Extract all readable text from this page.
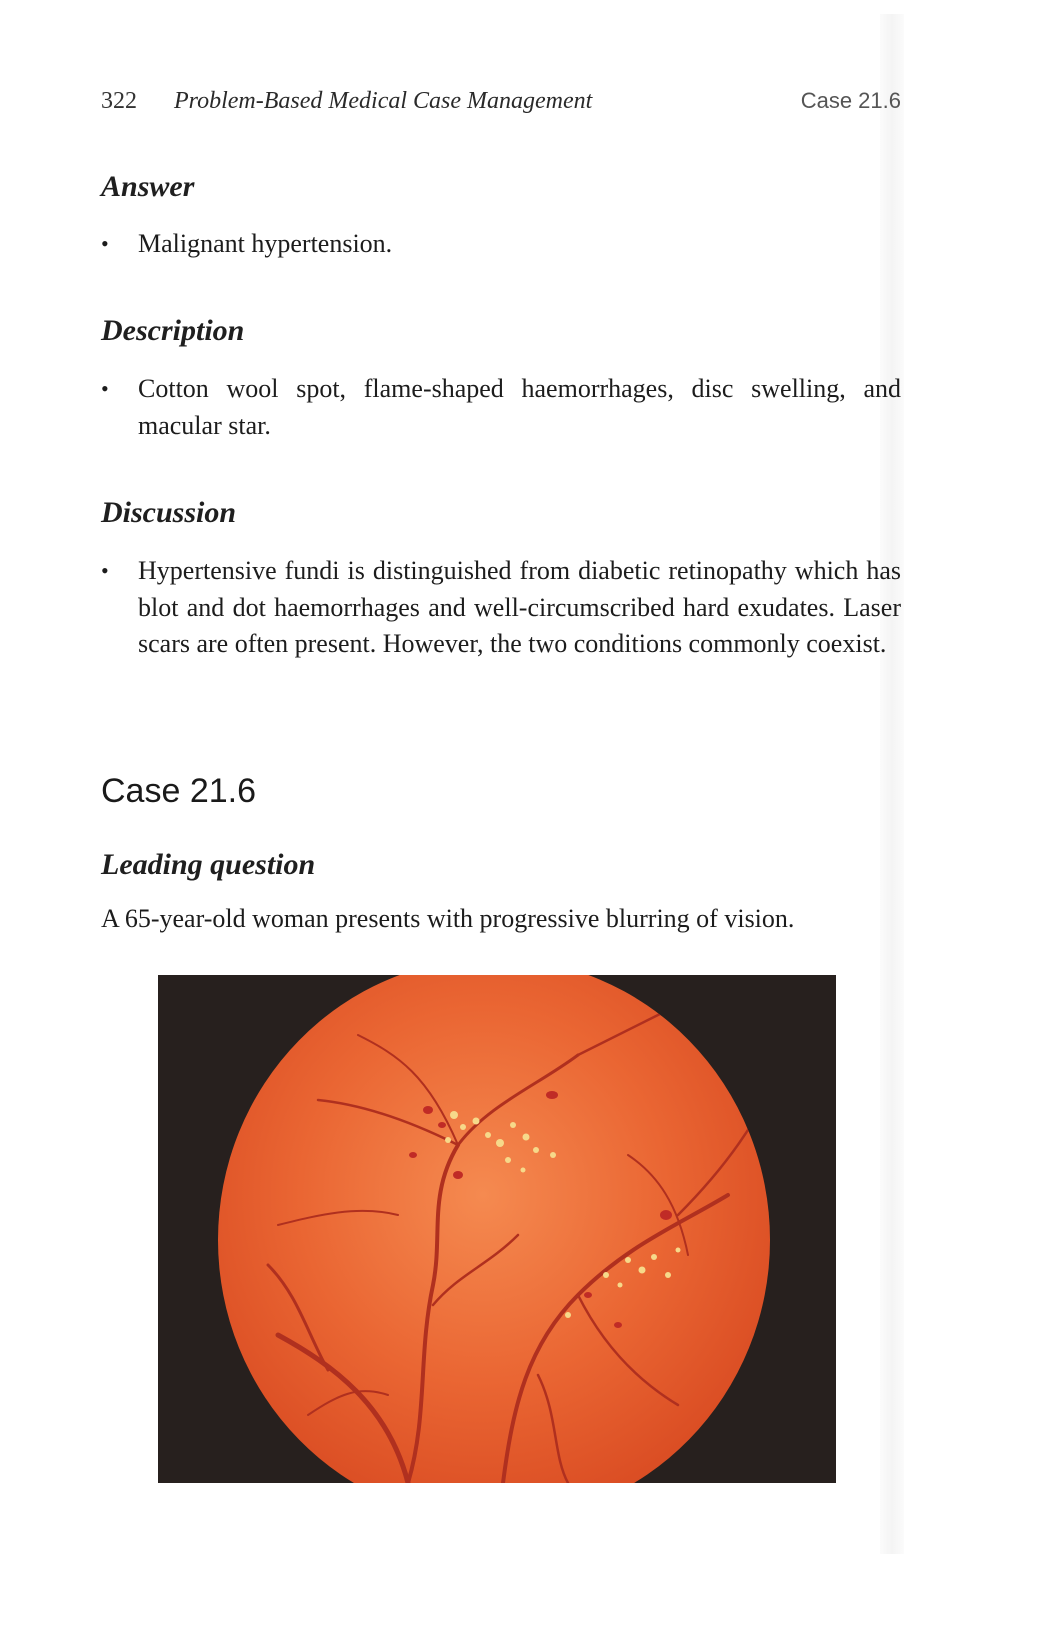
322 Problem-Based Medical Case Management	Case 21.6
Answer
• Malignant hypertension.
Description
• Cotton wool spot, flame-shaped haemorrhages, disc swelling, and macular star.
Discussion
• Hypertensive fundi is distinguished from diabetic retinopathy which has blot and dot haemorrhages and well-circumscribed hard exudates. Laser scars are often present. However, the two conditions commonly coexist.
Case 21.6
Leading question
A 65-year-old woman presents with progressive blurring of vision.
